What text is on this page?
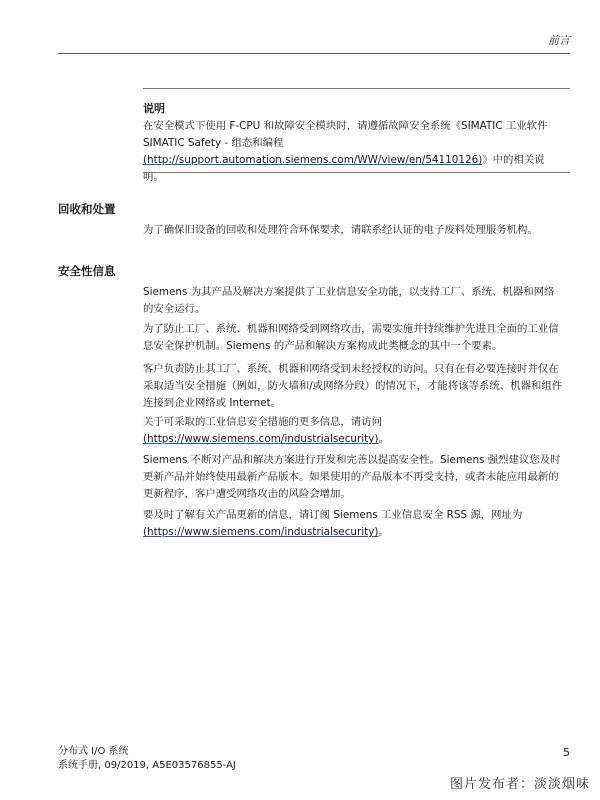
前言
说明

在安全模式下使用 F-CPU 和故障安全模块时，请遵循故障安全系统《SIMATIC 工业软件

SIMATIC Safety - 组态和编程

(http://support.automation.siemens.com/WW/view/en/54110126)》中的相关说明。

回收和处置
为了确保旧设备的回收和处理符合环保要求，请联系经认证的电子废料处理服务机构。
安全性信息
Siemens 为其产品及解决方案提供了工业信息安全功能，以支持工厂、系统、机器和网络的安全运行。
为了防止工厂、系统、机器和网络受到网络攻击，需要实施并持续维护先进且全面的工业信息安全保护机制。Siemens 的产品和解决方案构成此类概念的其中一个要素。
客户负责防止其工厂、系统、机器和网络受到未经授权的访问。只有在有必要连接时并仅在采取适当安全措施（例如，防火墙和/或网络分段）的情况下，才能将该等系统、机器和组件连接到企业网络或 Internet。

关于可采取的工业信息安全措施的更多信息，请访问

(https://www.siemens.com/industrialsecurity)。

Siemens 不断对产品和解决方案进行开发和完善以提高安全性。Siemens 强烈建议您及时更新产品并始终使用最新产品版本。如果使用的产品版本不再受支持，或者未能应用最新的更新程序，客户遭受网络攻击的风险会增加。

要及时了解有关产品更新的信息，请订阅 Siemens 工业信息安全 RSS 源，网址为

(https://www.siemens.com/industrialsecurity)。

分布式 I/O 系统
系统手册, 09/2019, A5E03576855-AJ
5
图片发布者：淡淡烟味
